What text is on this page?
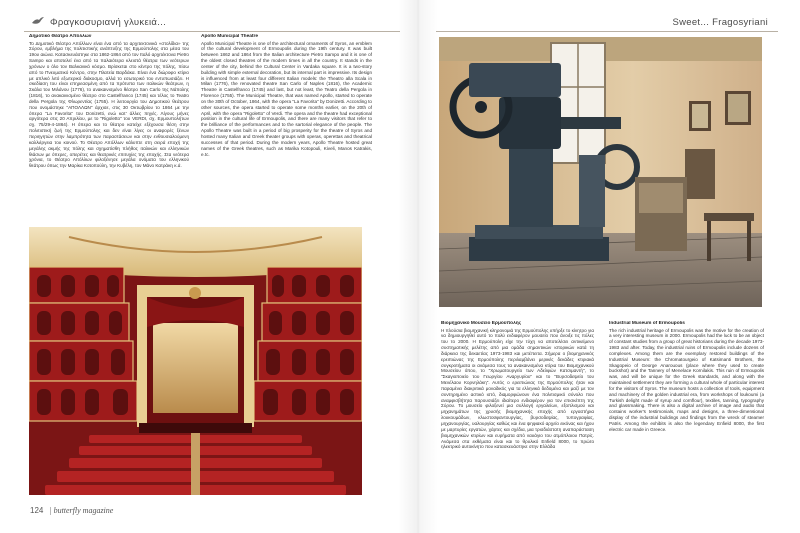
Φραγκοσυριανή γλυκειά...	Sweet... Fragosyriani
Δημοτικό Θέατρο Απόλλων

Το Δημοτικό Θέατρο Απόλλων είναι ένα από τα αρχιτεκτονικά «στολίδια» της Σύρου, εμβλήμα της πολιτιστικής ανάπτυξης της Ερμούπολης στα μέσα του 19ου αιώνα. Κατασκευάστηκε στα 1862-1864 από τον Ιταλό αρχιτέκτονα Pietro Sampo και αποτελεί ένα από τα παλαιότερα κλειστά θέατρα των νεότερων χρόνων ο όλο τον Βαλκανικό κόσμο. Βρίσκεται στο κέντρο της πόλης, πίσω από το Πνευματικό Κέντρο, στην Πλατεία Βαρδάκα. Είναι ένα διώροφο κτίριο με απλικό λιτό εξωτερικό διάκοσμο, αλλά το εσωτερικό του εντυπωσιάζει. Η σκεδίαση του είναι επηρεασμένη από τα πρότυπα των ιταλικών θεάτρων, η Σκάλα του Μιλάνου (1776), το ανακαινισμένο θέατρο San Carlo της Νάπολης (1816), το ανακαινισμένο θέατρο στο Castelfranco (1745) και τέλος το Teatro della Pergola της Φλωρεντίας (1755). Η λειτουργία του Δημοτικού θεάτρου που ονομάστηκε "ΑΠΟΛΛΩΝ" άρχισε, στις 30 Οκτωβρίου το 1864 με την όπερα "La Favorita" του Donizetti, ενώ κατ' άλλες πηγές. Λίγους μήνες αργότερα στις 20 Απριλίου, με το "Rigoletto" του VERDI, σχ. Ερμουπολήτων σχ. 75/29-4-1864). Η όπερα και το θέατρο κατείχε εξέχουσα θέση στην πολιτιστική ζωή της Ερμούπολης και δεν είναι λίγες οι αναφορές ξένων περιηγητών στην λαμπρότητα των παραστάσεων και στην ενθουσιαλούμενη καλλιέργεια του κοινού. Το Θέατρο Απόλλων κάλυπτε στη σειρά εποχή της μεγάλης ακμής της πόλης και σχηματίσθη πλήθος ιταλικών και ελληνικών θιάσων με όπερες, οπερέτες και θεατρικές επιτυχίες της εποχής. Στα νεότερα χρόνια, το Θέατρο Απόλλων φιλοξένησε μεγάλα ονόματα του ελληνικού θεάτρου όπως την Μαρίκα Κοτοπούλη, την Κυβέλη, τον Μάνο Κατράκη κ.ά.

Apollo Municipal Theatre

Apollo Municipal Theatre is one of the architectural ornaments of Syros, an emblem of the cultural development of Ermoupolis during the 19th century. It was built between 1862 and 1864 from the Italian architecture Pietro Sampo and it is one of the oldest closed theatres of the modern times in all the country. It stands in the center of the city, behind the Cultural Center in Vardaka square. It is a two-story building with simple external decoration, but its internal part is impressive. Its design is influenced from at least four different Italian models: the Theatro alla Scala in Milan (1776), the renovated theatre San Carlo of Naples (1816), the Academic Theatre in Castelfranco (1745) and last, but not least, the Teatro della Pergola in Florence (1755). The Municipal Theatre, that was named Apollo, started to operate on the 30th of October, 1864, with the opera "La Favorita" by Donizetti. According to other sources, the opera started to operate some months earlier, on the 20th of April, with the opera "Rigoletto" of Verdi. The opera and the theatre had exceptional position in the cultural life of Ermoupolis, and there are many visitors that refer to the brilliance of the performances and to the sartorial elegance of the people. The Apollo Theatre was built in a period of big prosperity for the theatre of Syros and hosted many Italian and Greek theater groups with operas, operettas and theatrical successes of that period. During the modern years, Apollo Theatre hosted great names of the Greek theatres, such as Marika Kotopouli, Kiveli, Manos Katrakis, e.tc.

Βιομηχανικό Μουσείο Ερμούπολης

Η πλούσια βιομηχανική κληρονομιά της Ερμούπολης υπήρξε το κίνητρο για να δημιουργηθεί αυτό το πολύ ενδιαφέρον μουσείο που άνοιξε τις πύλες του το 2000. Η Ερμούπολη είχε την τύχη να αποτελέσει αντικείμενο συστηματικής μελέτης από μια ομάδα σημαντικών ιστορικών κατά τη διάρκεια της δεκαετίας 1973-1983 και μετέπειτα. Σήμερα ο βιομηχανικός ερειπιώνας της Ερμούπολης περιλαμβάνει μερικές δεκάδες κτιριακά συγκροτήματα οι ανάμεσα τους τα ανακαινισμένα κτίρια του Βιομηχανικού Μουσείου όπου, το "Χρωματουργείο των Αδελφών Κατσιμαντή", το "Σκαγιοποιείο του Γεωργίου Αναργυρίου" και το "Βυρσοδεψείο του Μενέλαου Κορνηλάκη". Αυτός ο ερειπιώνας της Ερμούπολης ήταν και παραμένει διακριτικά μοναδικός για τα ελληνικά δεδομένα και μαζί με τον συντηρημένο αστικό ιστό, διαμορφώνουν ένα πολιτισμικό σύνολο που αναμφισβήτητα παρουσιάζει ιδιαίτερο ενδιαφέρον για τον επισκέπτη της Σύρου. Το μουσείο φιλοξενεί μια συλλογή εργαλείων, εξοπλισμού και μηχανημάτων της χρυσής βιομηχανικής εποχής από εργαστήρια λουκουμάδων, κλωστοϋφαντουργίας, βυρσοδεψίας, τυπογραφίας, μηχανουργίας, υαλουργίας καθώς και ένα ψηφιακό αρχείο εικόνας και ήχου με μαρτυρίες εργατών, χάρτες και σχέδια, μια τρισδιάστατη αναπαράσταση βιομηχανικών κτιρίων και ευρήματα από ναυάγιο του ατμόπλοιου Πατρίς. Ανάμεσα στα εκθέματα είναι και το θρυλικό Enfield 8000, το πρώτο ηλεκτρικό αυτοκίνητο που κατασκευάστηκε στην Ελλάδα

Industrial Museum of Ermoupolis

The rich industrial heritage of Ermoupolis was the motive for the creation of a very interesting museum in 2000. Ermoupolis had the luck to be an object of constant studies from a group of great historians during the decade 1973-1983 and after. Today, the industrial ruins of Ermoupolis include dozens of complexes. Among them are the exemplary restored buildings of the Industrial Museum: the Chromatourgeio of Katsimanti Brothers, the Skagopeio of George Anarouous (place where they used to create buckshot) and the Tannery of Menelace Kornilakis. This ruin of Ermoupolis was, and will be unique for the Greek standards, and along with the maintained settlement they are forming a cultural whole of particular interest for the visitors of Syros. The museum hosts a collection of tools, equipment and machinery of the golden industrial era, from workshops of loukoumi (a Turkish delight made of syrup and cornflour), textiles, tanning, typography and glassmaking. There is also a digital archive of image and audio that contains worker's testimonials, maps and designs, a three-dimensional display of the industrial buildings and findings from the wreck of steamer Patris. Among the exhibits is also the legendary Enfield 8000, the first electric car made in Greece.

124 | butterfly magazine
